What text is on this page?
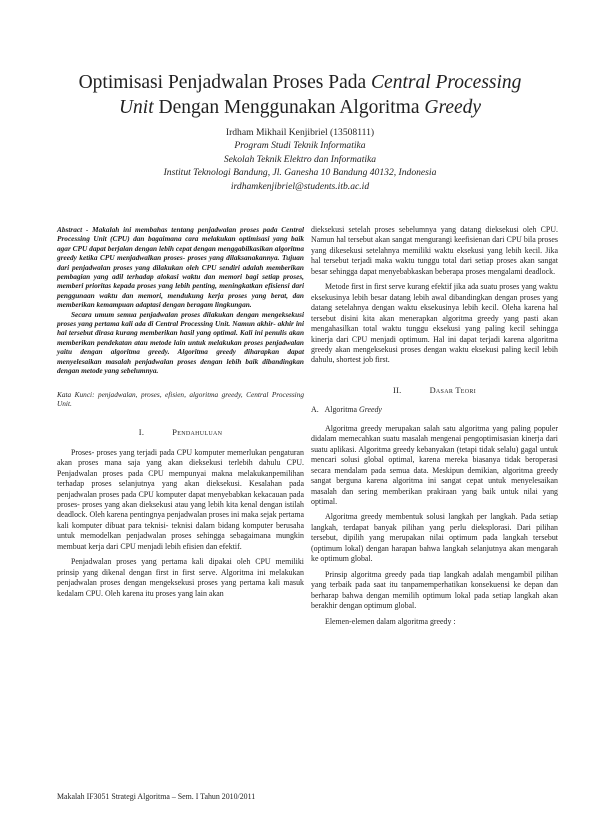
Optimisasi Penjadwalan Proses Pada Central Processing
Unit Dengan Menggunakan Algoritma Greedy
Irdham Mikhail Kenjibriel (13508111)
Program Studi Teknik Informatika
Sekolah Teknik Elektro dan Informatika
Institut Teknologi Bandung, Jl. Ganesha 10 Bandung 40132, Indonesia
irdhamkenjibriel@students.itb.ac.id

Abstract - Makalah ini membahas tentang penjadwalan proses pada Central Processing Unit (CPU) dan bagaimana cara melakukan optimisasi yang baik agar CPU dapat berjalan dengan lebih cepat dengan menggabilkasikan algoritma greedy ketika CPU menjadwalkan proses- proses yang dilaksanakannya. Tujuan dari penjadwalan proses yang dilakukan oleh CPU sendiri adalah memberikan pembagian yang adil terhadap alokasi waktu dan memori bagi setiap proses, memberi prioritas kepada proses yang lebih penting, meningkatkan efisiensi dari penggunaan waktu dan memori, mendukung kerja proses yang berat, dan memberikan kemampuan adaptasi dengan beragam lingkungan.

Secara umum semua penjadwalan proses dilakukan dengan mengeksekusi proses yang pertama kali ada di Central Processing Unit. Namun akhir- akhir ini hal tersebut dirasa kurang memberikan hasil yang optimal. Kali ini penulis akan memberikan pendekatan atau metode lain untuk melakukan proses penjadwalan yaitu dengan algoritma greedy. Algoritma greedy diharapkan dapat menyelesaikan masalah penjadwalan proses dengan lebih baik dibandingkan dengan metode yang sebelumnya.

Kata Kunci: penjadwalan, proses, efisien, algoritma greedy, Central Processing Unit.

I.	Pendahuluan

Proses- proses yang terjadi pada CPU komputer memerlukan pengaturan akan proses mana saja yang akan dieksekusi terlebih dahulu CPU. Penjadwalan proses pada CPU mempunyai makna melakukanpemilihan terhadap proses selanjutnya yang akan dieksekusi. Kesalahan pada penjadwalan proses pada CPU komputer dapat menyebabkan kekacauan pada proses- proses yang akan dieksekusi atau yang lebih kita kenal dengan istilah deadlock. Oleh karena pentingnya penjadwalan proses ini maka sejak pertama kali komputer dibuat para teknisi- teknisi dalam bidang komputer berusaha untuk memodelkan penjadwalan proses sehingga sebagaimana mungkin membuat kerja dari CPU menjadi lebih efisien dan efektif.

Penjadwalan proses yang pertama kali dipakai oleh CPU memiliki prinsip yang dikenal dengan first in first serve. Algoritma ini melakukan penjadwalan proses dengan mengeksekusi proses yang pertama kali masuk kedalam CPU. Oleh karena itu proses yang lain akan

dieksekusi setelah proses sebelumnya yang datang dieksekusi oleh CPU. Namun hal tersebut akan sangat mengurangi keefisienan dari CPU bila proses yang dikesekusi setelahnya memiliki waktu eksekusi yang lebih kecil. Jika hal tersebut terjadi maka waktu tunggu total dari setiap proses akan sangat besar sehingga dapat menyebabkaskan beberapa proses mengalami deadlock.

Metode first in first serve kurang efektif jika ada suatu proses yang waktu eksekusinya lebih besar datang lebih awal dibandingkan dengan proses yang datang setelahnya dengan waktu eksekusinya lebih kecil. Oleha karena hal tersebut disini kita akan menerapkan algoritma greedy yang pasti akan mengahasilkan total waktu tunggu eksekusi yang paling kecil sehingga kinerja dari CPU menjadi optimum. Hal ini dapat terjadi karena algoritma greedy akan mengeksekusi proses dengan waktu eksekusi paling kecil lebih dahulu, shortest job first.

II.	Dasar Teori
A. Algoritma Greedy

Algoritma greedy merupakan salah satu algoritma yang paling populer didalam memecahkan suatu masalah mengenai pengoptimisasian kinerja dari suatu aplikasi. Algoritma greedy kebanyakan (tetapi tidak selalu) gagal untuk mencari solusi global optimal, karena mereka biasanya tidak beroperasi secara mendalam pada semua data. Meskipun demikian, algoritma greedy sangat berguna karena algoritma ini sangat cepat untuk menyelesaikan masalah dan sering memberikan prakiraan yang baik untuk nilai yang optimal.

Algoritma greedy membentuk solusi langkah per langkah. Pada setiap langkah, terdapat banyak pilihan yang perlu dieksplorasi. Dari pilihan tersebut, dipilih yang merupakan nilai optimum pada langkah tersebut (optimum lokal) dengan harapan bahwa langkah selanjutnya akan mengarah ke optimum global.

Prinsip algoritma greedy pada tiap langkah adalah mengambil pilihan yang terbaik pada saat itu tanpamemperhatikan konsekuensi ke depan dan berharap bahwa dengan memilih optimum lokal pada setiap langkah akan berakhir dengan optimum global.

Elemen-elemen dalam algoritma greedy :

Makalah IF3051 Strategi Algoritma – Sem. I Tahun 2010/2011
